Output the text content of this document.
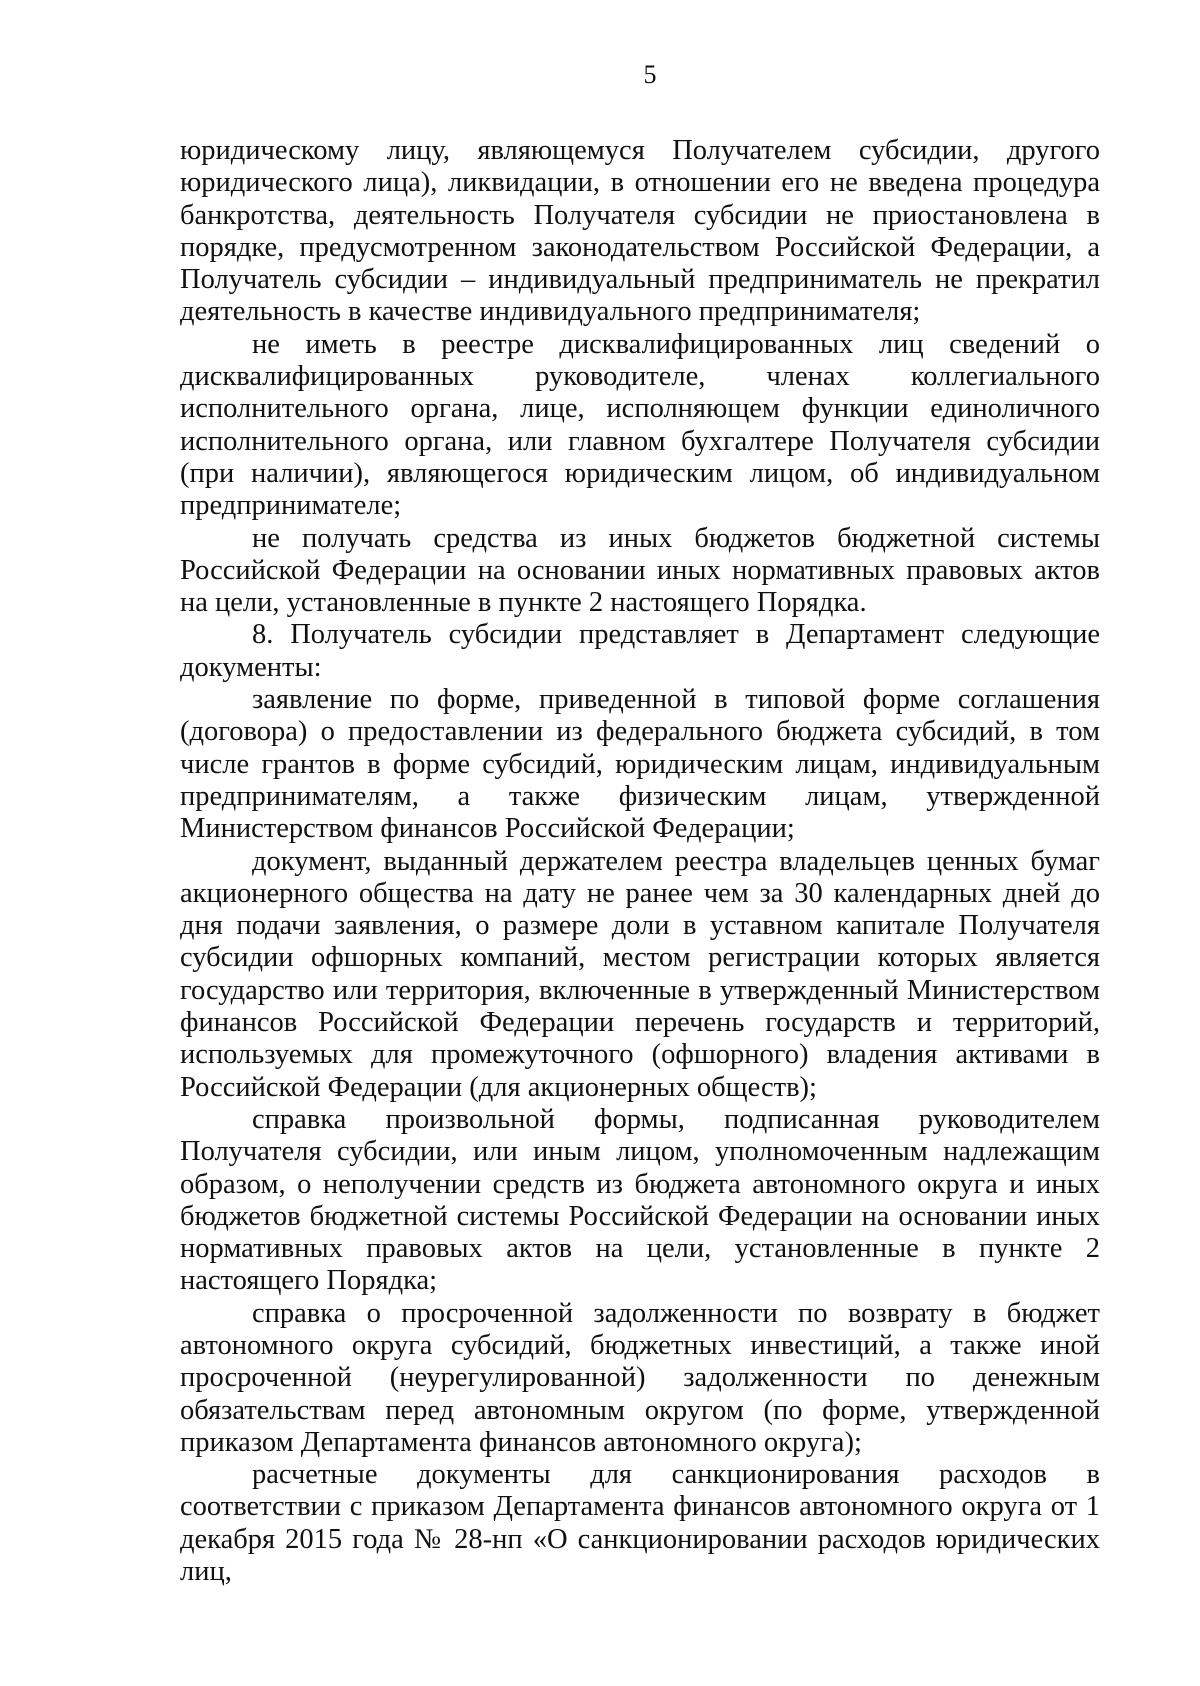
5

юридическому лицу, являющемуся Получателем субсидии, другого юридического лица), ликвидации, в отношении его не введена процедура банкротства, деятельность Получателя субсидии не приостановлена в порядке, предусмотренном законодательством Российской Федерации, а Получатель субсидии – индивидуальный предприниматель не прекратил деятельность в качестве индивидуального предпринимателя;

не иметь в реестре дисквалифицированных лиц сведений о дисквалифицированных руководителе, членах коллегиального исполнительного органа, лице, исполняющем функции единоличного исполнительного органа, или главном бухгалтере Получателя субсидии (при наличии), являющегося юридическим лицом, об индивидуальном предпринимателе;

не получать средства из иных бюджетов бюджетной системы Российской Федерации на основании иных нормативных правовых актов на цели, установленные в пункте 2 настоящего Порядка.

8. Получатель субсидии представляет в Департамент следующие документы:

заявление по форме, приведенной в типовой форме соглашения (договора) о предоставлении из федерального бюджета субсидий, в том числе грантов в форме субсидий, юридическим лицам, индивидуальным предпринимателям, а также физическим лицам, утвержденной Министерством финансов Российской Федерации;

документ, выданный держателем реестра владельцев ценных бумаг акционерного общества на дату не ранее чем за 30 календарных дней до дня подачи заявления, о размере доли в уставном капитале Получателя субсидии офшорных компаний, местом регистрации которых является государство или территория, включенные в утвержденный Министерством финансов Российской Федерации перечень государств и территорий, используемых для промежуточного (офшорного) владения активами в Российской Федерации (для акционерных обществ);

справка произвольной формы, подписанная руководителем Получателя субсидии, или иным лицом, уполномоченным надлежащим образом, о неполучении средств из бюджета автономного округа и иных бюджетов бюджетной системы Российской Федерации на основании иных нормативных правовых актов на цели, установленные в пункте 2 настоящего Порядка;

справка о просроченной задолженности по возврату в бюджет автономного округа субсидий, бюджетных инвестиций, а также иной просроченной (неурегулированной) задолженности по денежным обязательствам перед автономным округом (по форме, утвержденной приказом Департамента финансов автономного округа);

расчетные документы для санкционирования расходов в соответствии с приказом Департамента финансов автономного округа от 1 декабря 2015 года № 28-нп «О санкционировании расходов юридических лиц,
